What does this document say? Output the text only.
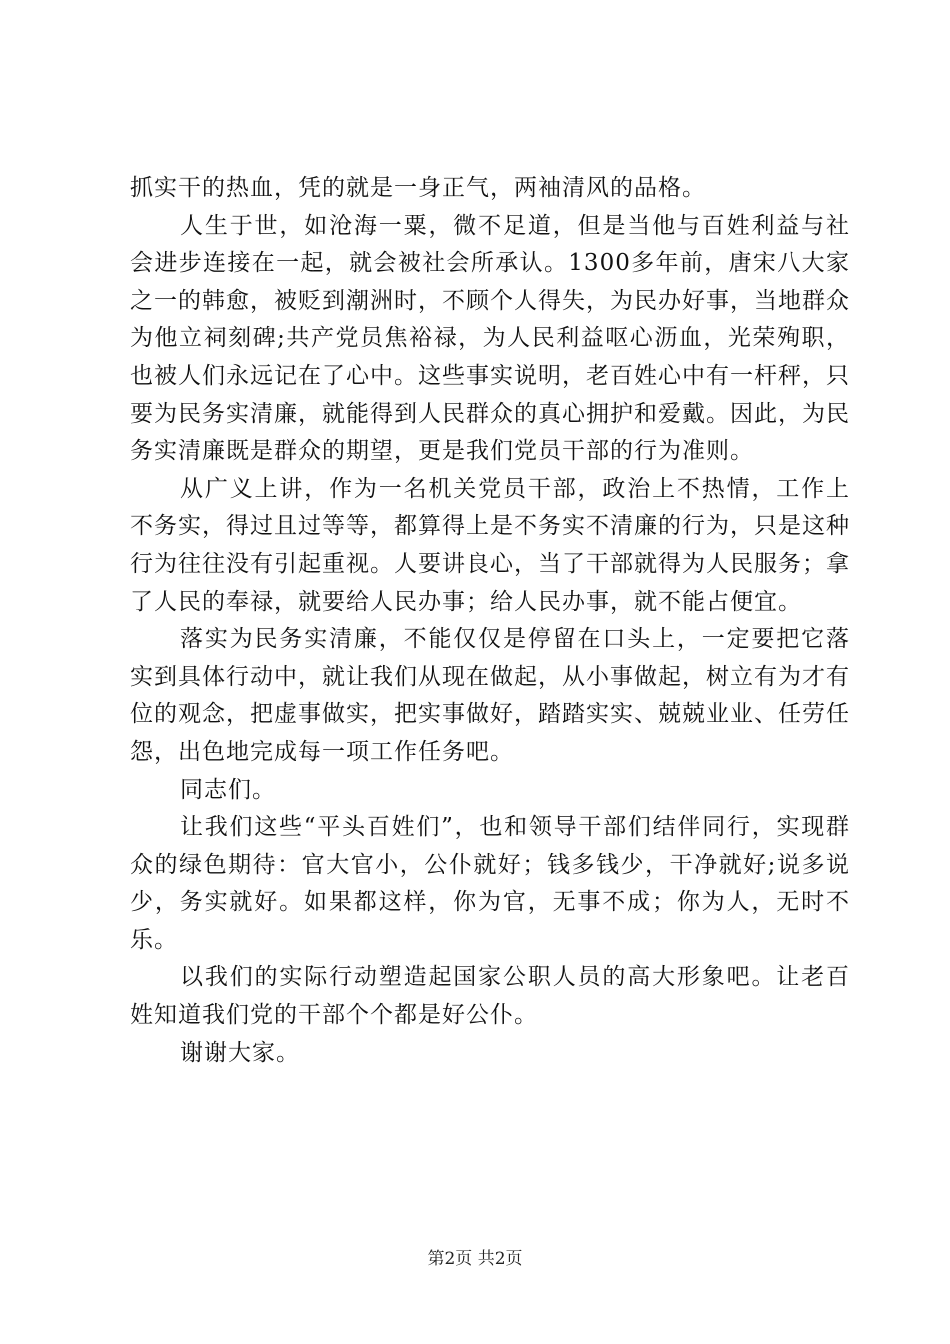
抓实干的热血，凭的就是一身正气，两袖清风的品格。

人生于世，如沧海一粟，微不足道，但是当他与百姓利益与社会进步连接在一起，就会被社会所承认。1300多年前，唐宋八大家之一的韩愈，被贬到潮洲时，不顾个人得失，为民办好事，当地群众为他立祠刻碑;共产党员焦裕禄，为人民利益呕心沥血，光荣殉职，也被人们永远记在了心中。这些事实说明，老百姓心中有一杆秤，只要为民务实清廉，就能得到人民群众的真心拥护和爱戴。因此，为民务实清廉既是群众的期望，更是我们党员干部的行为准则。

从广义上讲，作为一名机关党员干部，政治上不热情，工作上不务实，得过且过等等，都算得上是不务实不清廉的行为，只是这种行为往往没有引起重视。人要讲良心，当了干部就得为人民服务；拿了人民的奉禄，就要给人民办事；给人民办事，就不能占便宜。

落实为民务实清廉，不能仅仅是停留在口头上，一定要把它落实到具体行动中，就让我们从现在做起，从小事做起，树立有为才有位的观念，把虚事做实，把实事做好，踏踏实实、兢兢业业、任劳任怨，出色地完成每一项工作任务吧。

同志们。

让我们这些“平头百姓们”，也和领导干部们结伴同行，实现群众的绿色期待：官大官小，公仆就好；钱多钱少，干净就好;说多说少，务实就好。如果都这样，你为官，无事不成；你为人，无时不乐。

以我们的实际行动塑造起国家公职人员的高大形象吧。让老百姓知道我们党的干部个个都是好公仆。

谢谢大家。

第2页 共2页
